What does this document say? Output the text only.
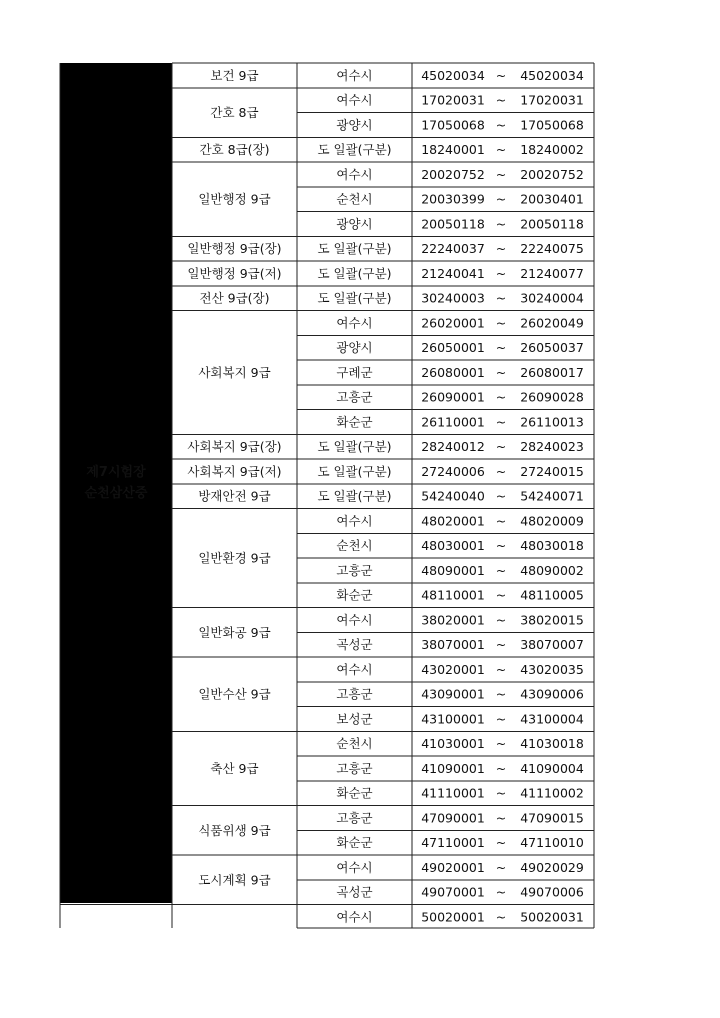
보건 9급	여수시	45020034 ~ 45020034
간호 8급
여수시	17020031 ~ 17020031
광양시	17050068 ~ 17050068
간호 8급(장)	도 일괄(구분) 18240001 ~ 18240002
일반행정 9급
여수시	20020752 ~ 20020752
순천시	20030399 ~ 20030401
광양시	20050118 ~ 20050118
일반행정 9급(장)	도 일괄(구분) 22240037 ~ 22240075
일반행정 9급(저)	도 일괄(구분) 21240041 ~ 21240077
전산 9급(장)	도 일괄(구분) 30240003 ~ 30240004
사회복지 9급
여수시	26020001 ~ 26020049
광양시	26050001 ~ 26050037
구례군	26080001 ~ 26080017
고흥군	26090001 ~ 26090028
화순군	26110001 ~ 26110013
사회복지 9급(장)	도 일괄(구분) 28240012 ~ 28240023
사회복지 9급(저)	도 일괄(구분) 27240006 ~ 27240015
방재안전 9급	도 일괄(구분) 54240040 ~ 54240071
일반환경 9급
여수시	48020001 ~ 48020009
순천시	48030001 ~ 48030018
고흥군	48090001 ~ 48090002
화순군	48110001 ~ 48110005
일반화공 9급
여수시	38020001 ~ 38020015
곡성군	38070001 ~ 38070007
일반수산 9급
여수시	43020001 ~ 43020035
고흥군	43090001 ~ 43090006
보성군	43100001 ~ 43100004
축산 9급
순천시	41030001 ~ 41030018
고흥군	41090001 ~ 41090004
화순군	41110001 ~ 41110002
식품위생 9급
고흥군	47090001 ~ 47090015
화순군	47110001 ~ 47110010
도시계획 9급
여수시	49020001 ~ 49020029
곡성군	49070001 ~ 49070006
여수시	50020001 ~ 50020031
제7시험장
순천삼산중
